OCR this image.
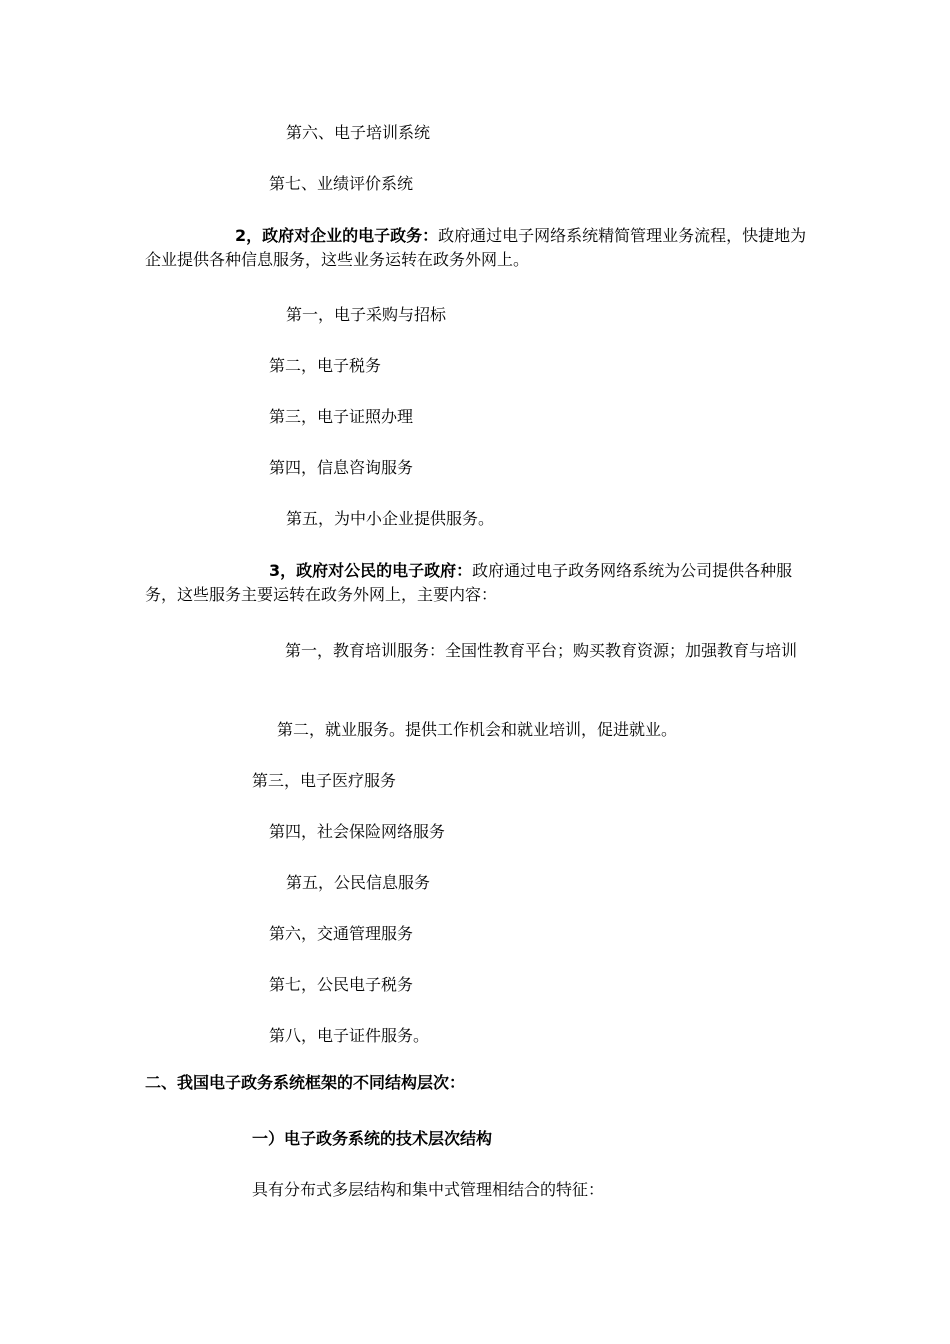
第六、电子培训系统
第七、业绩评价系统
2，政府对企业的电子政务：政府通过电子网络系统精简管理业务流程，快捷地为企业提供各种信息服务，这些业务运转在政务外网上。
第一，电子采购与招标
第二，电子税务
第三，电子证照办理
第四，信息咨询服务
第五，为中小企业提供服务。
3，政府对公民的电子政府：政府通过电子政务网络系统为公司提供各种服务，这些服务主要运转在政务外网上，主要内容：
第一，教育培训服务：全国性教育平台；购买教育资源；加强教育与培训
第二，就业服务。提供工作机会和就业培训，促进就业。
第三，电子医疗服务
第四，社会保险网络服务
第五，公民信息服务
第六，交通管理服务
第七，公民电子税务
第八，电子证件服务。
二、我国电子政务系统框架的不同结构层次：
一）电子政务系统的技术层次结构
具有分布式多层结构和集中式管理相结合的特征：
